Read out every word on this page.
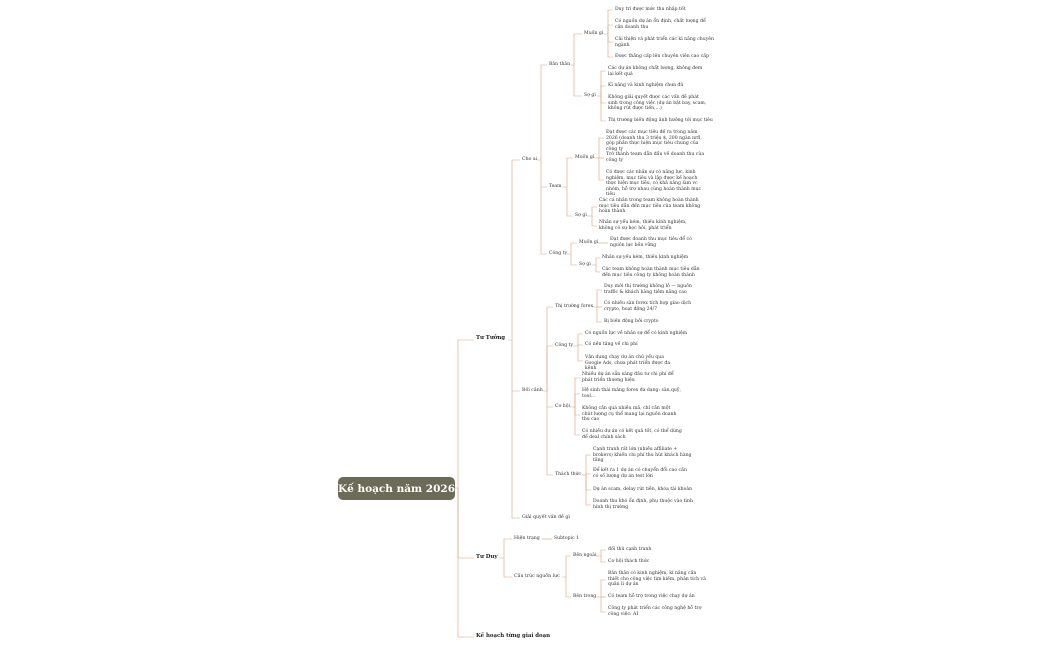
Kế hoạch năm 2026
Tư Tưởng
Tư Duy
Kế hoạch từng giai đoạn
Cho ai
Bối cảnh
Giải quyết vấn đề gì
Bản thân
Team
Công ty
Muốn gì
Sợ gì
Duy trì được mức thu nhập tốt
Có nguồn dự án ổn định, chất lượng để cân doanh thu
Cải thiện và phát triển các kĩ năng chuyên ngành
Được thăng cấp lên chuyên viên cao cấp
Các dự án không chất lượng, không đem lại kết quả
Kĩ năng và kinh nghiệm chưa đủ
Không giải quyết được các vấn đề phát sinh trong công việc (dự án bật bay, scam, không rút được tiền,...)
Thị trường biến động ảnh hưởng tới mục tiêu
Muốn gì
Sợ gì
Đạt được các mục tiêu đề ra trong năm 2026 (doanh thu 3 triệu $, 200 ngàn nrfl, góp phần thực hiện mục tiêu chung của công ty
Trở thành team dẫn đầu về doanh thu của công ty
Có được các nhân sự có năng lực, kinh nghiệm, mục tiêu và lập được kế hoạch thực hiện mục tiêu, có khả năng làm vc nhóm, hỗ trợ nhau cùng hoàn thành mục tiêu
Các cá nhân trong team không hoàn thành mục tiêu dẫn đến mục tiêu của team không hoàn thành
Nhân sự yếu kém, thiếu kinh nghiệm, không có sự học hỏi, phát triển
Muốn gì
Sợ gì
Đạt được doanh thu mục tiêu để có nguồn lực bền vững
Nhân sự yếu kém, thiếu kinh nghiệm
Các team không hoàn thành mục tiêu dẫn đến mục tiêu công ty không hoàn thành
Thị trường forex
Duy mới thị trường không lồ — nguồn traffic & khách hàng tiềm năng cao
Có nhiều sàn forex tích hợp giao dịch crypto, hoạt động 24/7
Bị biến động bởi crypto
Công ty
Có nguồn lực về nhân sự để có kinh nghiệm
Có nền tảng về chi phí
Vận dụng chạy dự án chủ yếu qua Google Ads, chưa phát triển được đa kênh
Cơ hội
Nhiều dự án sẵn sàng đầu tư chi phí để phát triển thương hiệu
Hệ sinh thái mảng forex đa dạng: sàn,quỹ, tool...
Không cần quá nhiều mã, chỉ cần một chút lượng cụ thể mang lại nguồn doanh thu cao
Có nhiều dự án có kết quả tốt, có thể dùng để deal chính sách
Thách thức
Cạnh tranh rất lớn (nhiều affiliate + brokers) khiến chi phí thu hút khách hàng tăng
Để kết ra 1 dự án có chuyển đổi cao cần có số lượng dự án test lớn
Dự án scam, delay rút tiền, khóa tài khoản
Doanh thu khó ổn định, phụ thuộc vào tình hình thị trường
Hiện trạng	Subtopic 1
Cấu trúc nguồn lực
Bên ngoài
Bên trong
đối thủ cạnh tranh
Cơ hội thách thức
Bản thân có kinh nghiệm, kĩ năng cần thiết cho công việc tìm kiếm, phân tích và quản lí dự án
Có team hỗ trợ trong việc chạy dự án
Công ty phát triển các công nghệ hỗ trợ công việc: AI
